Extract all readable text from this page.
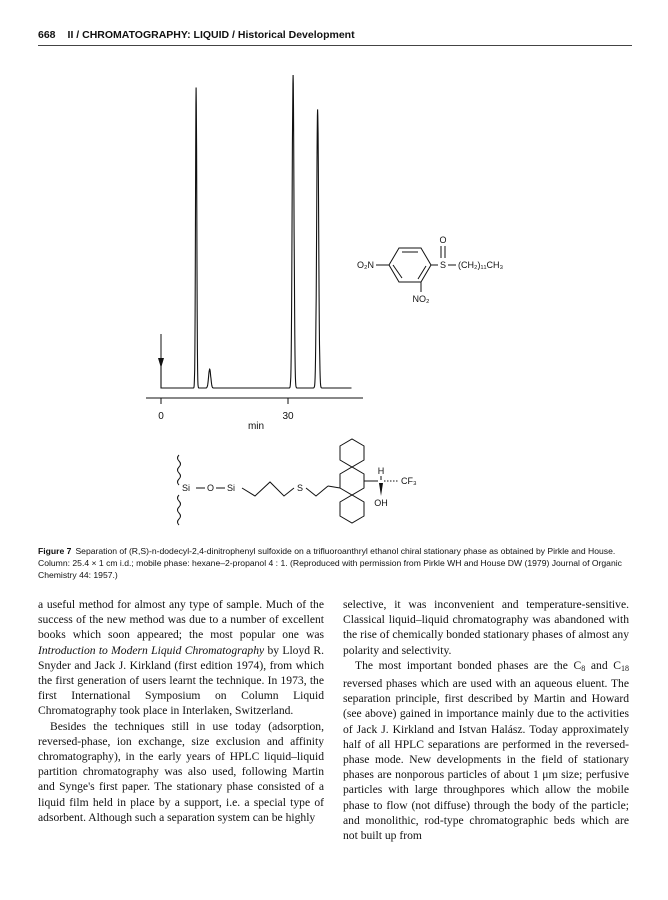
668 II / CHROMATOGRAPHY: LIQUID / Historical Development
0	30
min
O₂N	S
O
(CH₂)₁₁CH₃
NO₂
Si O Si	S
H
OH
CF₃
Figure 7 Separation of (R,S)-n-dodecyl-2,4-dinitrophenyl sulfoxide on a trifluoroanthryl ethanol chiral stationary phase as obtained by Pirkle and House. Column: 25.4 × 1 cm i.d.; mobile phase: hexane–2-propanol 4 : 1. (Reproduced with permission from Pirkle WH and House DW (1979) Journal of Organic Chemistry 44: 1957.)

a useful method for almost any type of sample. Much of the success of the new method was due to a number of excellent books which soon appeared; the most popular one was Introduction to Modern Liquid Chromatography by Lloyd R. Snyder and Jack J. Kirkland (first edition 1974), from which the first generation of users learnt the technique. In 1973, the first International Symposium on Column Liquid Chromatography took place in Interlaken, Switzerland.

Besides the techniques still in use today (adsorption, reversed-phase, ion exchange, size exclusion and affinity chromatography), in the early years of HPLC liquid–liquid partition chromatography was also used, following Martin and Synge's first paper. The stationary phase consisted of a liquid film held in place by a support, i.e. a special type of adsorbent. Although such a separation system can be highly

selective, it was inconvenient and temperature-sensitive. Classical liquid–liquid chromatography was abandoned with the rise of chemically bonded stationary phases of almost any polarity and selectivity.

The most important bonded phases are the $C_8$ and $C_{18}$ reversed phases which are used with an aqueous eluent. The separation principle, first described by Martin and Howard (see above) gained in importance mainly due to the activities of Jack J. Kirkland and Istvan Halász. Today approximately half of all HPLC separations are performed in the reversed-phase mode. New developments in the field of stationary phases are nonporous particles of about 1 μm size; perfusive particles with large throughpores which allow the mobile phase to flow (not diffuse) through the body of the particle; and monolithic, rod-type chromatographic beds which are not built up from
